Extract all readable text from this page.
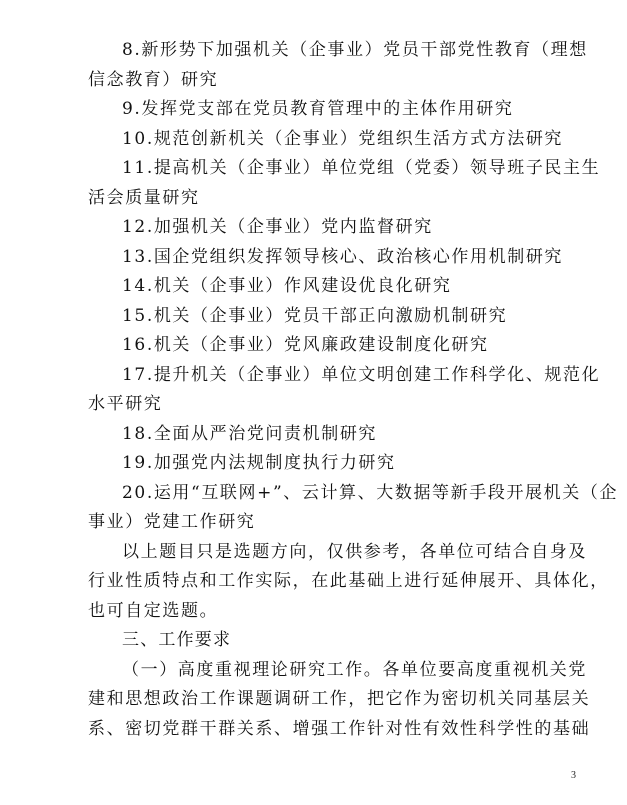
8.新形势下加强机关（企事业）党员干部党性教育（理想
信念教育）研究
9.发挥党支部在党员教育管理中的主体作用研究
10.规范创新机关（企事业）党组织生活方式方法研究
11.提高机关（企事业）单位党组（党委）领导班子民主生
活会质量研究
12.加强机关（企事业）党内监督研究
13.国企党组织发挥领导核心、政治核心作用机制研究
14.机关（企事业）作风建设优良化研究
15.机关（企事业）党员干部正向激励机制研究
16.机关（企事业）党风廉政建设制度化研究
17.提升机关（企事业）单位文明创建工作科学化、规范化
水平研究
18.全面从严治党问责机制研究
19.加强党内法规制度执行力研究
20.运用“互联网+”、云计算、大数据等新手段开展机关（企
事业）党建工作研究
以上题目只是选题方向，仅供参考，各单位可结合自身及
行业性质特点和工作实际，在此基础上进行延伸展开、具体化，
也可自定选题。
三、工作要求
（一）高度重视理论研究工作。各单位要高度重视机关党
建和思想政治工作课题调研工作，把它作为密切机关同基层关
系、密切党群干群关系、增强工作针对性有效性科学性的基础
3
